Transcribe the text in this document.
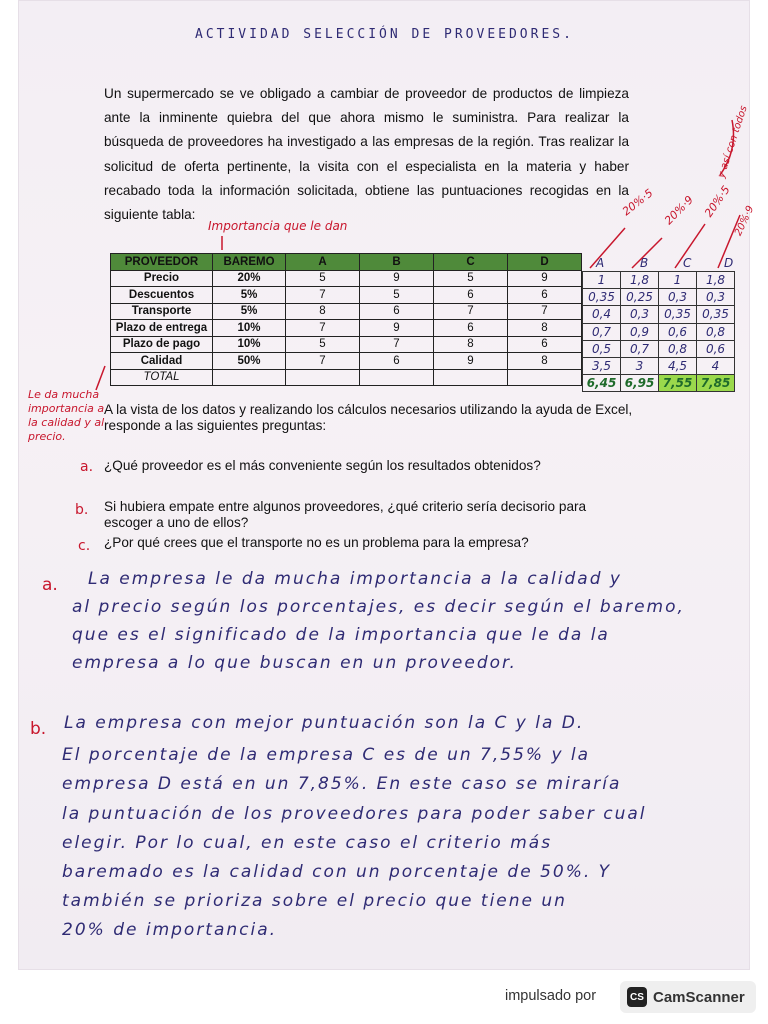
ACTIVIDAD SELECCIÓN DE PROVEEDORES.
Un supermercado se ve obligado a cambiar de proveedor de productos de limpieza ante la inminente quiebra del que ahora mismo le suministra. Para realizar la búsqueda de proveedores ha investigado a las empresas de la región. Tras realizar la solicitud de oferta pertinente, la visita con el especialista en la materia y haber recabado toda la información solicitada, obtiene las puntuaciones recogidas en la siguiente tabla:
Importancia que le dan
PROVEEDOR	BAREMO	A	B	C	D
Precio	20%	5	9	5	9
Descuentos	5%	7	5	6	6
Transporte	5%	8	6	7	7
Plazo de entrega	10%	7	9	6	8
Plazo de pago	10%	5	7	8	6
Calidad	50%	7	6	9	8
TOTAL					
A	B	C	D
1	1,8	1	1,8
0,35	0,25	0,3	0,3
0,4	0,3	0,35	0,35
0,7	0,9	0,6	0,8
0,5	0,7	0,8	0,6
3,5	3	4,5	4
6,45	6,95	7,55	7,85
20%·5 20%·9 20%·5
20%·9
y así con todos
Le da mucha importancia a la calidad y al precio.
A la vista de los datos y realizando los cálculos necesarios utilizando la ayuda de Excel, responde a las siguientes preguntas:
a. ¿Qué proveedor es el más conveniente según los resultados obtenidos?
b. Si hubiera empate entre algunos proveedores, ¿qué criterio sería decisorio para escoger a uno de ellos?
c. ¿Por qué crees que el transporte no es un problema para la empresa?
a. La empresa le da mucha importancia a la calidad y
al precio según los porcentajes, es decir según el baremo,
que es el significado de la importancia que le da la
empresa a lo que buscan en un proveedor.
b. La empresa con mejor puntuación son la C y la D.
El porcentaje de la empresa C es de un 7,55% y la
empresa D está en un 7,85%. En este caso se miraría
la puntuación de los proveedores para poder saber cual
elegir. Por lo cual, en este caso el criterio más
baremado es la calidad con un porcentaje de 50%. Y
también se prioriza sobre el precio que tiene un
20% de importancia.
impulsado por	CS CamScanner
